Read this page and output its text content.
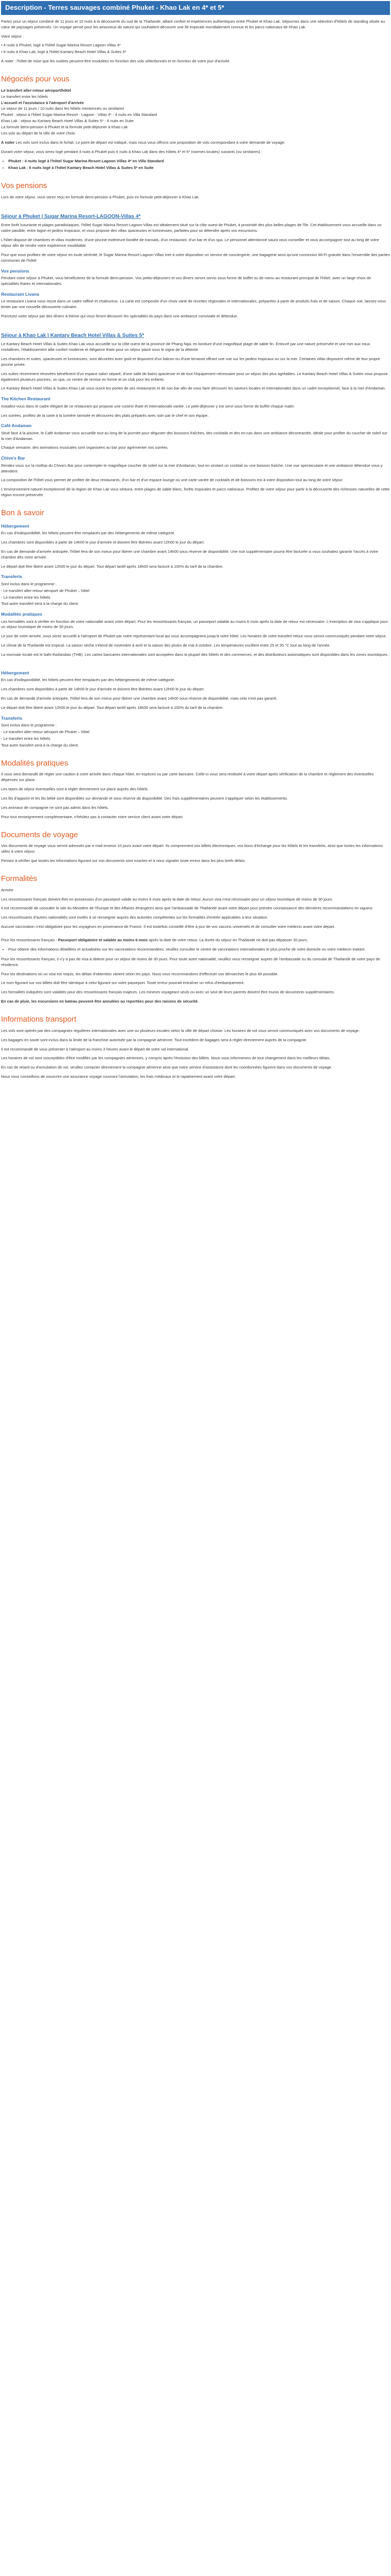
Description - Terres sauvages combiné Phuket - Khao Lak en 4* et 5*

Partez pour un séjour combiné de 11 jours et 10 nuits à la découverte du sud de la Thaïlande, alliant confort et expériences authentiques entre Phuket et Khao Lak. Séjournez dans une sélection d'hôtels de standing située au cœur de paysages préservés. Un voyage pensé pour les amoureux de nature qui souhaitent découvrir une île tropicale mondialement connue et les parcs nationaux de Khao Lak.

Votre séjour :

• 4 nuits à Phuket, logé à l'hôtel Sugar Marina Resort Lagoon Villas 4*

• 6 nuits à Khao Lak, logé à l'hôtel Kantary Beach Hotel Villas & Suites 5*

À noter : l'hôtel de mise que les nuitées peuvent être modulées en fonction des vols sélectionnés et en fonction de votre jour d'arrivée.

Négociés pour vous

Le transfert aller-retour aéroport/hôtel

Le transfert entre les hôtels

L'accueil et l'assistance à l'aéroport d'arrivée

Le séjour de 11 jours / 10 nuits dans les hôtels mentionnés ou similaires

Phuket : séjour à l'hôtel Sugar Marina Resort - Lagoon - Villas 4* - 4 nuits en Villa Standard

Khao Lak : séjour au Kantary Beach Hotel Villas & Suites 5* - 6 nuits en Suite

La formule demi-pension à Phuket et la formule petit-déjeuner à Khao Lak

Les vols au départ de la ville de votre choix

À noter Les vols sont inclus dans le forfait. Le point de départ est indiqué, mais nous vous offrons une proposition de vols correspondant à votre demande de voyage.

Durant votre séjour, vous serez logé pendant 4 nuits à Phuket puis 6 nuits à Khao Lak dans des hôtels 4* et 5* (normes locales) suivants (ou similaires) :

• Phuket : 4 nuits logé à l'hôtel Sugar Marina Resort Lagoon Villas 4* en Villa Standard
• Khao Lak : 6 nuits logé à l'hôtel Kantary Beach Hotel Villas & Suites 5* en Suite
Vos pensions

Lors de votre séjour, vous serez reçu en formule demi-pension à Phuket, puis en formule petit-déjeuner à Khao Lak.

Séjour à Phuket | Sugar Marina Resort-LAGOON-Villas 4*

Entre forêt luxuriante et plages paradisiaques, l'hôtel Sugar Marina Resort-Lagoon-Villas est idéalement situé sur la côte ouest de Phuket, à proximité des plus belles plages de l'île. Cet établissement vous accueille dans un cadre paisible, entre lagon et jardins tropicaux, et vous propose des villas spacieuses et lumineuses, parfaites pour se détendre après vos excursions.

L'hôtel dispose de chambres et villas modernes, d'une piscine extérieure bordée de transats, d'un restaurant, d'un bar et d'un spa. Le personnel attentionné saura vous conseiller et vous accompagner tout au long de votre séjour afin de rendre votre expérience inoubliable.

Pour que vous profitiez de votre séjour en toute sérénité, le Sugar Marina Resort-Lagoon-Villas met à votre disposition un service de conciergerie, une bagagerie ainsi qu'une connexion Wi-Fi gratuite dans l'ensemble des parties communes de l'hôtel.

Vos pensions

Pendant votre séjour à Phuket, vous bénéficierez de la formule demi-pension. Vos petits-déjeuners et vos dîners seront servis sous forme de buffet ou de menu au restaurant principal de l'hôtel, avec un large choix de spécialités thaïes et internationales.

Restaurant Livana

Le restaurant Livana vous reçoit dans un cadre raffiné et chaleureux. La carte est composée d'un choix varié de recettes régionales et internationales, préparées à partir de produits frais et de saison. Chaque soir, laissez-vous tenter par une nouvelle découverte culinaire.

Ponctuez votre séjour par des dîners à thème qui vous feront découvrir les spécialités du pays dans une ambiance conviviale et détendue.

Séjour à Khao Lak | Kantary Beach Hotel Villas & Suites 5*

Le Kantary Beach Hotel Villas & Suites Khao Lak vous accueille sur la côte ouest de la province de Phang Nga, en bordure d'une magnifique plage de sable fin. Entouré par une nature préservée et une mer aux eaux cristallines, l'établissement allie confort moderne et élégance thaïe pour un séjour placé sous le signe de la détente.

Les chambres et suites, spacieuses et lumineuses, sont décorées avec goût et disposent d'un balcon ou d'une terrasse offrant une vue sur les jardins tropicaux ou sur la mer. Certaines villas disposent même de leur propre piscine privée.

Les suites récemment rénovées bénéficient d'un espace salon séparé, d'une salle de bains spacieuse et de tout l'équipement nécessaire pour un séjour des plus agréables. Le Kantary Beach Hotel Villas & Suites vous propose également plusieurs piscines, un spa, un centre de remise en forme et un club pour les enfants.

Le Kantary Beach Hotel Villas & Suites Khao Lak vous ouvre les portes de ses restaurants et de son bar afin de vous faire découvrir les saveurs locales et internationales dans un cadre exceptionnel, face à la mer d'Andaman.

The Kitchen Restaurant

Installez-vous dans le cadre élégant de ce restaurant qui propose une cuisine thaïe et internationale variée. Le petit-déjeuner y est servi sous forme de buffet chaque matin.

Les soirées, profitez de la carte à la lumière tamisée et découvrez des plats préparés avec soin par le chef et son équipe.

Café Andaman

Situé face à la piscine, le Café Andaman vous accueille tout au long de la journée pour déguster des boissons fraîches, des cocktails et des en-cas dans une ambiance décontractée, idéale pour profiter du coucher de soleil sur la mer d'Andaman.

Chaque semaine, des animations musicales sont organisées au bar pour agrémenter vos soirées.

Chiva's Bar

Rendez-vous sur la rooftop du Chiva's Bar pour contempler le magnifique coucher de soleil sur la mer d'Andaman, tout en sirotant un cocktail ou une boisson fraîche. Une vue spectaculaire et une ambiance détendue vous y attendent.

La composition de l'hôtel vous permet de profiter de deux restaurants, d'un bar et d'un espace lounge où une carte variée de cocktails et de boissons est à votre disposition tout au long de votre séjour.

L'environnement naturel exceptionnel de la région de Khao Lak vous séduira, entre plages de sable blanc, forêts tropicales et parcs nationaux. Profitez de votre séjour pour partir à la découverte des richesses naturelles de cette région encore préservée.

Bon à savoir
Hébergement

En cas d'indisponibilité, les hôtels peuvent être remplacés par des hébergements de même catégorie.

Les chambres sont disponibles à partir de 14h00 le jour d'arrivée et doivent être libérées avant 12h00 le jour du départ.

En cas de demande d'arrivée anticipée, l'hôtel fera de son mieux pour libérer une chambre avant 14h00 sous réserve de disponibilité. Une nuit supplémentaire pourra être facturée si vous souhaitez garantir l'accès à votre chambre dès votre arrivée.

Le départ doit être libéré avant 12h00 le jour du départ. Tout départ tardif après 18h00 sera facturé à 100% du tarif de la chambre.

Transferts

Sont inclus dans le programme :

- Le transfert aller-retour aéroport de Phuket – hôtel

- Le transfert entre les hôtels

Tout autre transfert sera à la charge du client.

Modalités pratiques

Les formalités sont à vérifier en fonction de votre nationalité avant votre départ. Pour les ressortissants français, un passeport valable au moins 6 mois après la date de retour est nécessaire. L'exemption de visa s'applique pour un séjour touristique de moins de 30 jours.

Le jour de votre arrivée, vous serez accueilli à l'aéroport de Phuket par notre représentant local qui vous accompagnera jusqu'à votre hôtel. Les horaires de votre transfert retour vous seront communiqués pendant votre séjour.

Le climat de la Thaïlande est tropical. La saison sèche s'étend de novembre à avril et la saison des pluies de mai à octobre. Les températures oscillent entre 25 et 35 °C tout au long de l'année.

La monnaie locale est le baht thaïlandais (THB). Les cartes bancaires internationales sont acceptées dans la plupart des hôtels et des commerces, et des distributeurs automatiques sont disponibles dans les zones touristiques.

Hébergement

En cas d'indisponibilité, les hôtels peuvent être remplacés par des hébergements de même catégorie.

Les chambres sont disponibles à partir de 14h00 le jour d'arrivée et doivent être libérées avant 12h00 le jour du départ.

En cas de demande d'arrivée anticipée, l'hôtel fera de son mieux pour libérer une chambre avant 14h00 sous réserve de disponibilité, mais cela n'est pas garanti.

Le départ doit être libéré avant 12h00 le jour du départ. Tout départ tardif après 18h00 sera facturé à 100% du tarif de la chambre.

Transferts

Sont inclus dans le programme :

- Le transfert aller-retour aéroport de Phuket – hôtel

- Le transfert entre les hôtels

Tout autre transfert sera à la charge du client.

Modalités pratiques

Il vous sera demandé de régler une caution à votre arrivée dans chaque hôtel, en espèces ou par carte bancaire. Celle-ci vous sera restituée à votre départ après vérification de la chambre et règlement des éventuelles dépenses sur place.

Les taxes de séjour éventuelles sont à régler directement sur place auprès des hôtels.

Les lits d'appoint et les lits bébé sont disponibles sur demande et sous réserve de disponibilité. Des frais supplémentaires peuvent s'appliquer selon les établissements.

Les animaux de compagnie ne sont pas admis dans les hôtels.

Pour tout renseignement complémentaire, n'hésitez pas à contacter notre service client avant votre départ.

Documents de voyage

Vos documents de voyage vous seront adressés par e-mail environ 10 jours avant votre départ. Ils comprennent vos billets électroniques, vos bons d'échange pour les hôtels et les transferts, ainsi que toutes les informations utiles à votre séjour.

Pensez à vérifier que toutes les informations figurant sur vos documents sont exactes et à nous signaler toute erreur dans les plus brefs délais.

Formalités

Arrivée

Les ressortissants français doivent être en possession d'un passeport valide au moins 6 mois après la date de retour. Aucun visa n'est nécessaire pour un séjour touristique de moins de 30 jours.

Il est recommandé de consulter le site du Ministère de l'Europe et des Affaires étrangères ainsi que l'ambassade de Thaïlande avant votre départ pour prendre connaissance des dernières recommandations en vigueur.

Les ressortissants d'autres nationalités sont invités à se renseigner auprès des autorités compétentes sur les formalités d'entrée applicables à leur situation.

Aucune vaccination n'est obligatoire pour les voyageurs en provenance de France. Il est toutefois conseillé d'être à jour de vos vaccins universels et de consulter votre médecin avant votre départ.

Pour les ressortissants français : Passeport obligatoire et valable au moins 6 mois après la date de votre retour. La durée du séjour en Thaïlande ne doit pas dépasser 30 jours.

• Pour obtenir des informations détaillées et actualisées sur les vaccinations recommandées, veuillez consulter le centre de vaccinations internationales le plus proche de votre domicile ou votre médecin traitant.

Pour les ressortissants français, il n'y a pas de visa à obtenir pour un séjour de moins de 30 jours. Pour toute autre nationalité, veuillez vous renseigner auprès de l'ambassade ou du consulat de Thaïlande de votre pays de résidence.

Pour les destinations où un visa est requis, les délais d'obtention varient selon les pays. Nous vous recommandons d'effectuer vos démarches le plus tôt possible.

Le nom figurant sur vos billets doit être identique à celui figurant sur votre passeport. Toute erreur pourrait entraîner un refus d'embarquement.

Les formalités indiquées sont valables pour des ressortissants français majeurs. Les mineurs voyageant seuls ou avec un seul de leurs parents doivent être munis de documents supplémentaires.

En cas de pluie, les excursions en bateau peuvent être annulées ou reportées pour des raisons de sécurité.

Informations transport

Les vols sont opérés par des compagnies régulières internationales avec une ou plusieurs escales selon la ville de départ choisie. Les horaires de vol vous seront communiqués avec vos documents de voyage.

Les bagages en soute sont inclus dans la limite de la franchise autorisée par la compagnie aérienne. Tout excédent de bagages sera à régler directement auprès de la compagnie.

Il est recommandé de vous présenter à l'aéroport au moins 3 heures avant le départ de votre vol international.

Les horaires de vol sont susceptibles d'être modifiés par les compagnies aériennes, y compris après l'émission des billets. Nous vous informerons de tout changement dans les meilleurs délais.

En cas de retard ou d'annulation de vol, veuillez contacter directement la compagnie aérienne ainsi que notre service d'assistance dont les coordonnées figurent dans vos documents de voyage.

Nous vous conseillons de souscrire une assurance voyage couvrant l'annulation, les frais médicaux et le rapatriement avant votre départ.
